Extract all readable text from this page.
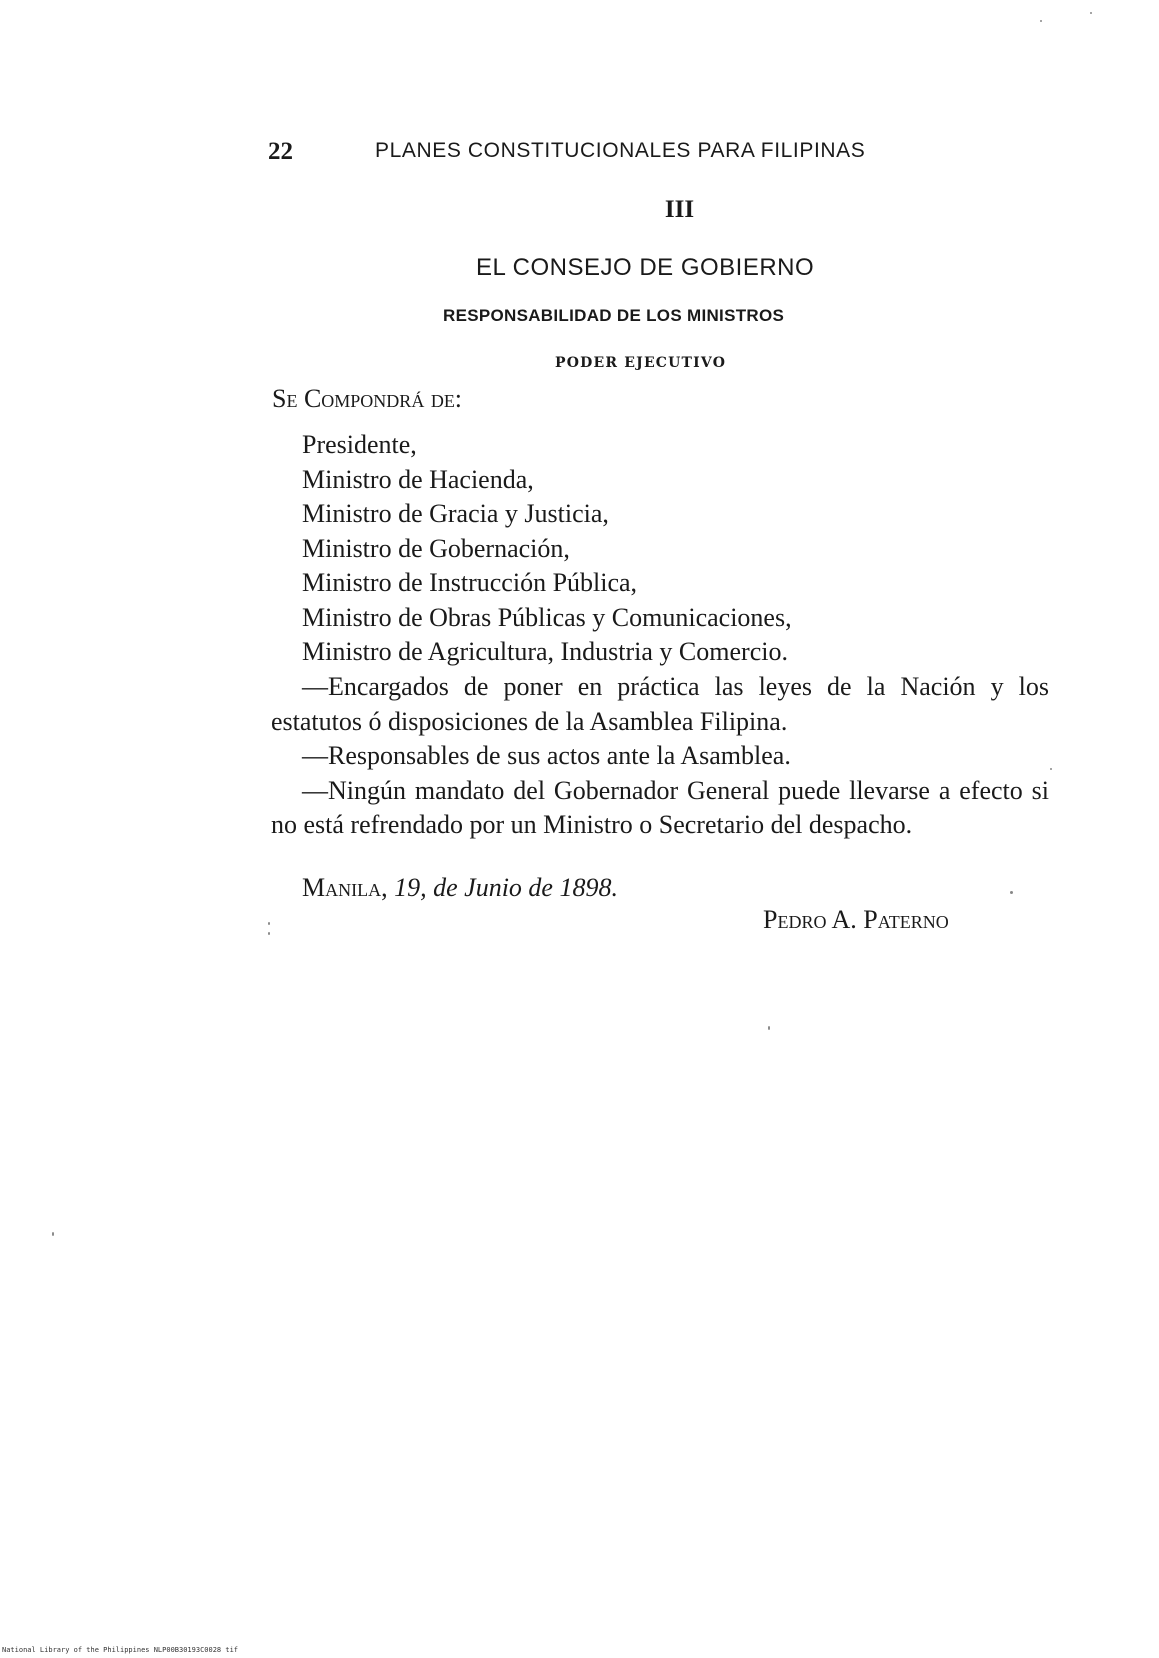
22	PLANES CONSTITUCIONALES PARA FILIPINAS
III
EL CONSEJO DE GOBIERNO
RESPONSABILIDAD DE LOS MINISTROS
PODER EJECUTIVO
Se Compondrá de:
Presidente,
Ministro de Hacienda,
Ministro de Gracia y Justicia,
Ministro de Gobernación,
Ministro de Instrucción Pública,
Ministro de Obras Públicas y Comunicaciones,
Ministro de Agricultura, Industria y Comercio.

—Encargados de poner en práctica las leyes de la Nación y los estatutos ó disposiciones de la Asamblea Filipina.

—Responsables de sus actos ante la Asamblea.

—Ningún mandato del Gobernador General puede llevarse a efecto si no está refrendado por un Ministro o Secretario del despacho.

Manila, 19, de Junio de 1898.
Pedro A. Paterno
National Library of the Philippines NLP00B30193C0028 tif
